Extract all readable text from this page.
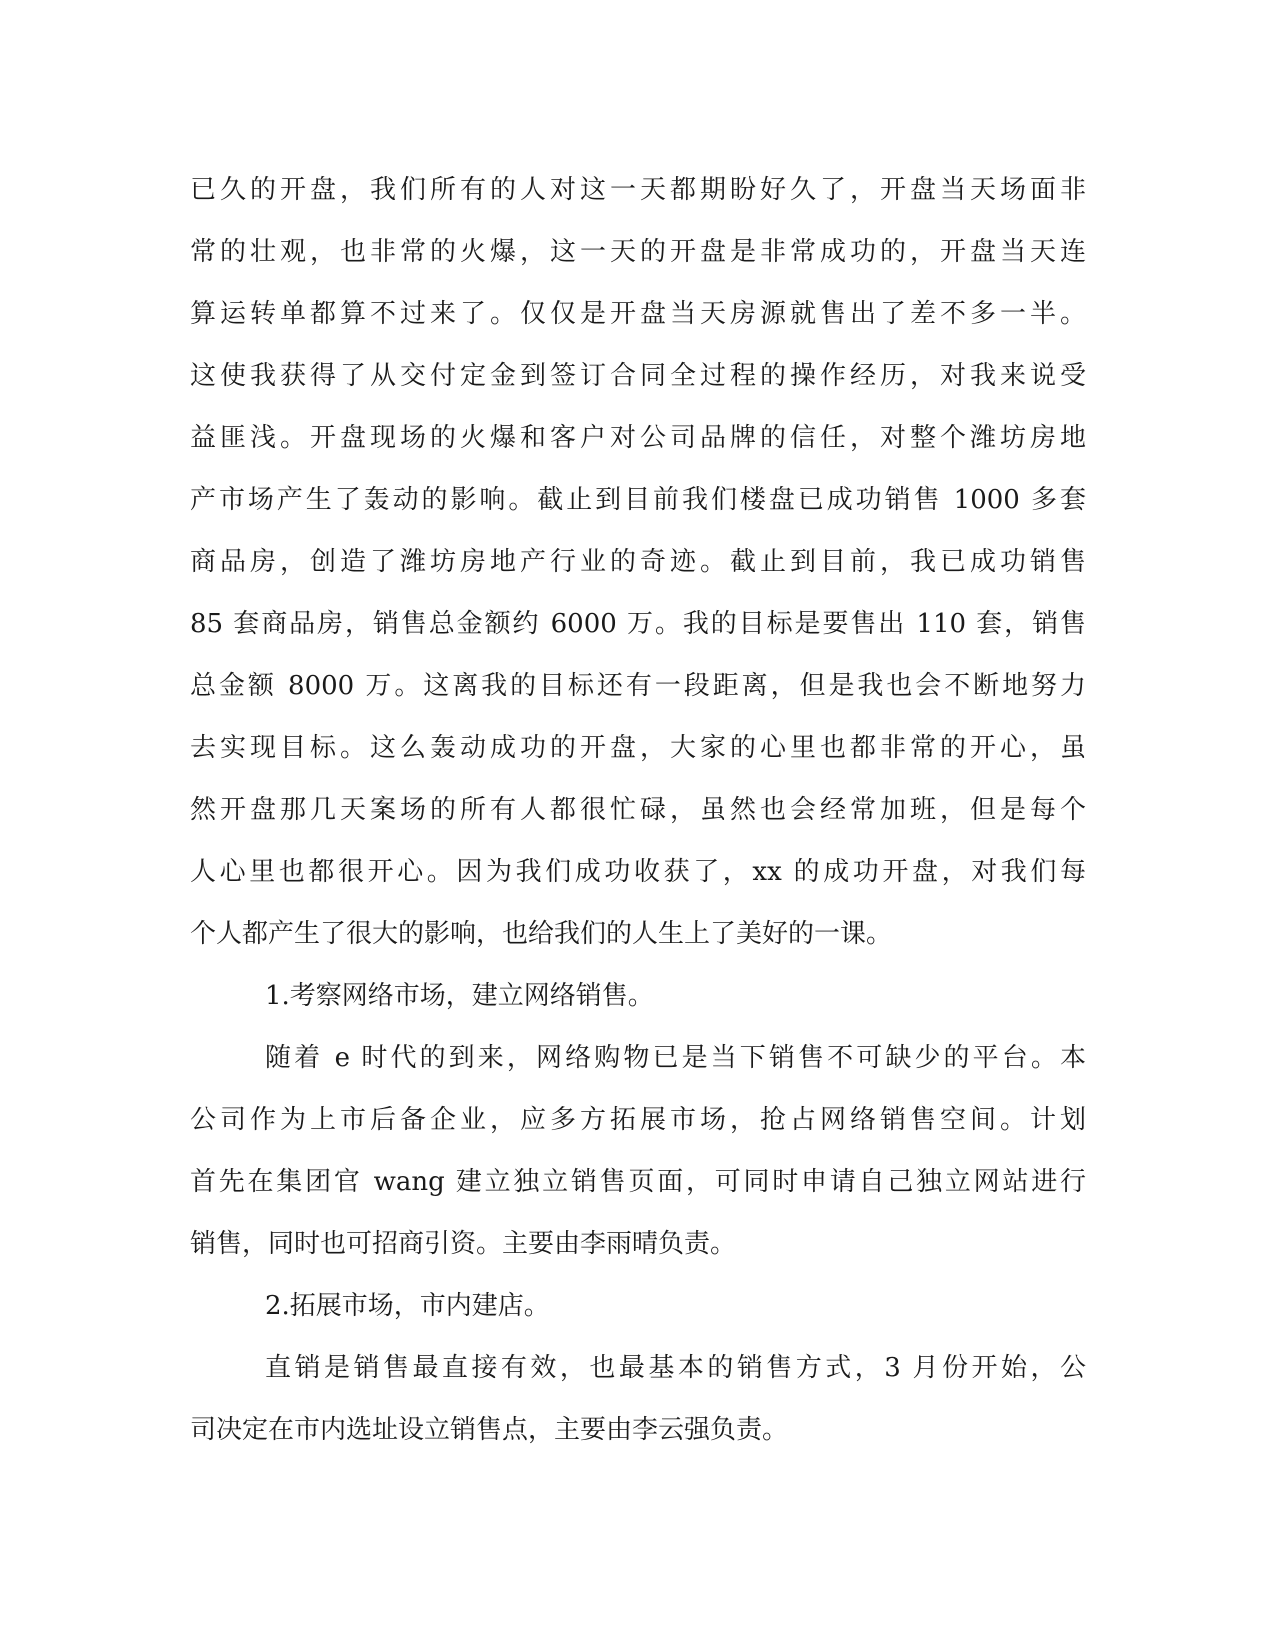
已久的开盘，我们所有的人对这一天都期盼好久了，开盘当天场面非
常的壮观，也非常的火爆，这一天的开盘是非常成功的，开盘当天连
算运转单都算不过来了。仅仅是开盘当天房源就售出了差不多一半。
这使我获得了从交付定金到签订合同全过程的操作经历，对我来说受
益匪浅。开盘现场的火爆和客户对公司品牌的信任，对整个潍坊房地
产市场产生了轰动的影响。截止到目前我们楼盘已成功销售 1000 多套
商品房，创造了潍坊房地产行业的奇迹。截止到目前，我已成功销售
85 套商品房，销售总金额约 6000 万。我的目标是要售出 110 套，销售
总金额 8000 万。这离我的目标还有一段距离，但是我也会不断地努力
去实现目标。这么轰动成功的开盘，大家的心里也都非常的开心，虽
然开盘那几天案场的所有人都很忙碌，虽然也会经常加班，但是每个
人心里也都很开心。因为我们成功收获了，xx 的成功开盘，对我们每
个人都产生了很大的影响，也给我们的人生上了美好的一课。
1.考察网络市场，建立网络销售。
随着 e 时代的到来，网络购物已是当下销售不可缺少的平台。本
公司作为上市后备企业，应多方拓展市场，抢占网络销售空间。计划
首先在集团官 wang 建立独立销售页面，可同时申请自己独立网站进行
销售，同时也可招商引资。主要由李雨晴负责。
2.拓展市场，市内建店。
直销是销售最直接有效，也最基本的销售方式，3 月份开始，公
司决定在市内选址设立销售点，主要由李云强负责。
